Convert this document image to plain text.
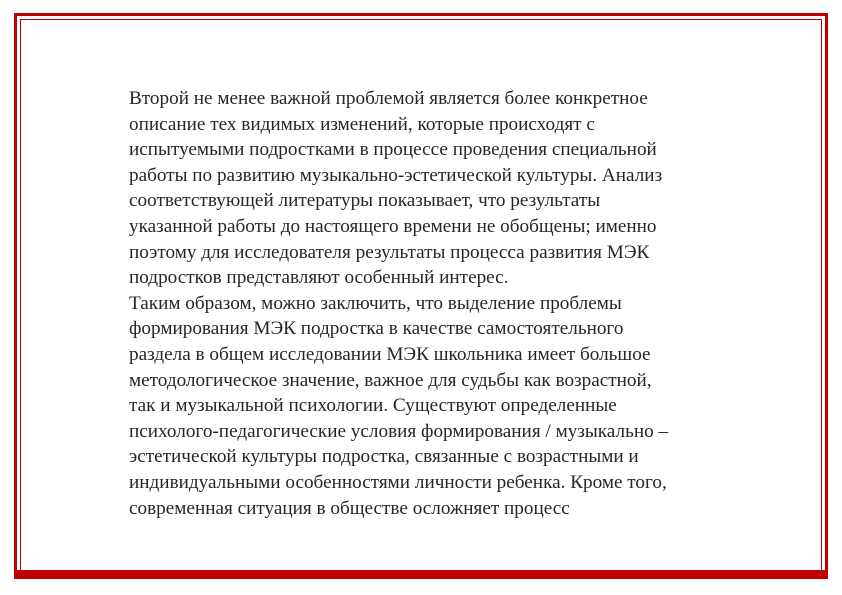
Второй не менее важной проблемой является более конкретное
описание тех видимых изменений, которые происходят с
испытуемыми подростками в процессе проведения специальной
работы по развитию музыкально-эстетической культуры. Анализ
соответствующей литературы показывает, что результаты
указанной работы до настоящего времени не обобщены; именно
поэтому для исследователя результаты процесса развития МЭК
подростков представляют особенный интерес.

Таким образом, можно заключить, что выделение проблемы
формирования МЭК подростка в качестве самостоятельного
раздела в общем исследовании МЭК школьника имеет большое
методологическое значение, важное для судьбы как возрастной,
так и музыкальной психологии. Существуют определенные
психолого-педагогические условия формирования / музыкально –
эстетической культуры подростка, связанные с возрастными и
индивидуальными особенностями личности ребенка. Кроме того,
современная ситуация в обществе осложняет процесс
